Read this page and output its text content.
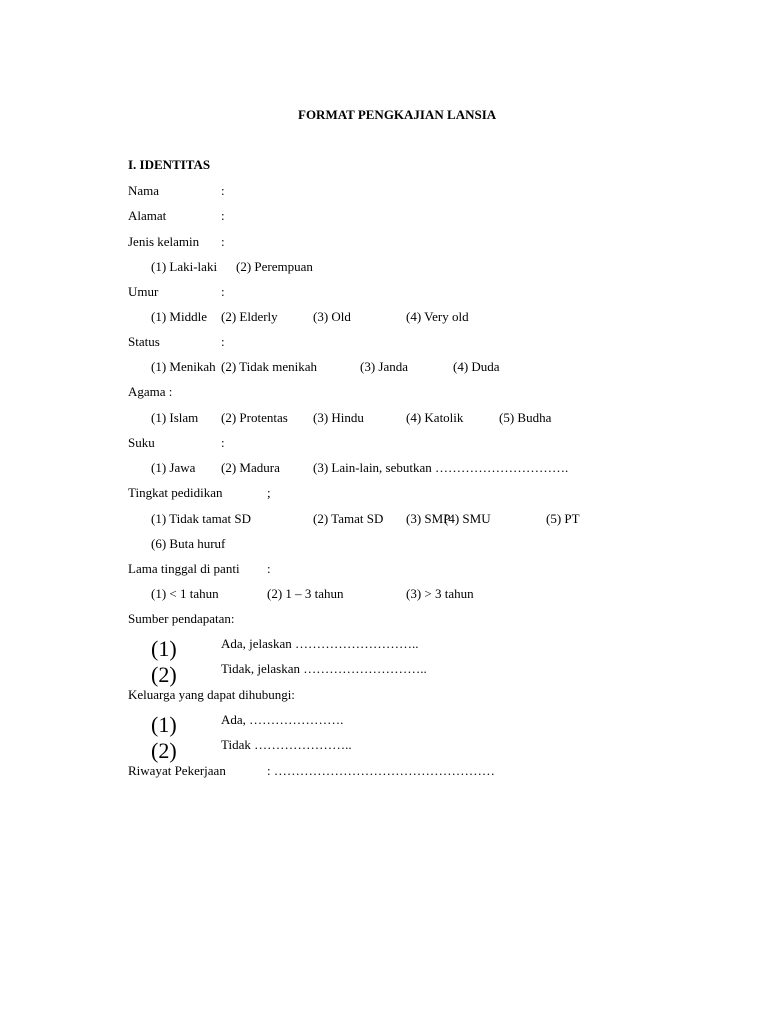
FORMAT PENGKAJIAN LANSIA
I. IDENTITAS
Nama	:
Alamat	:
Jenis kelamin :
(1) Laki-laki (2) Perempuan
Umur	:
(1) Middle (2) Elderly	(3) Old	(4) Very old
Status	:
(1) Menikah (2) Tidak menikah	(3) Janda	(4) Duda
Agama :
(1) Islam (2) Protentas (3) Hindu	(4) Katolik	(5) Budha
Suku	:
(1) Jawa (2) Madura	(3) Lain-lain, sebutkan ………………………….
Tingkat pedidikan	;
(1) Tidak tamat SD	(2) Tamat SD (3) SMP
(4) SMU	(5) PT
(6) Buta huruf
Lama tinggal di panti :
(1) < 1 tahun	(2) 1 – 3 tahun	(3) > 3 tahun
Sumber pendapatan:
(1)	Ada, jelaskan ………………………..
(2)	Tidak, jelaskan ………………………..
Keluarga yang dapat dihubungi:
(1)	Ada, ………………….
(2)	Tidak …………………..
Riwayat Pekerjaan	: ……………………………………………
